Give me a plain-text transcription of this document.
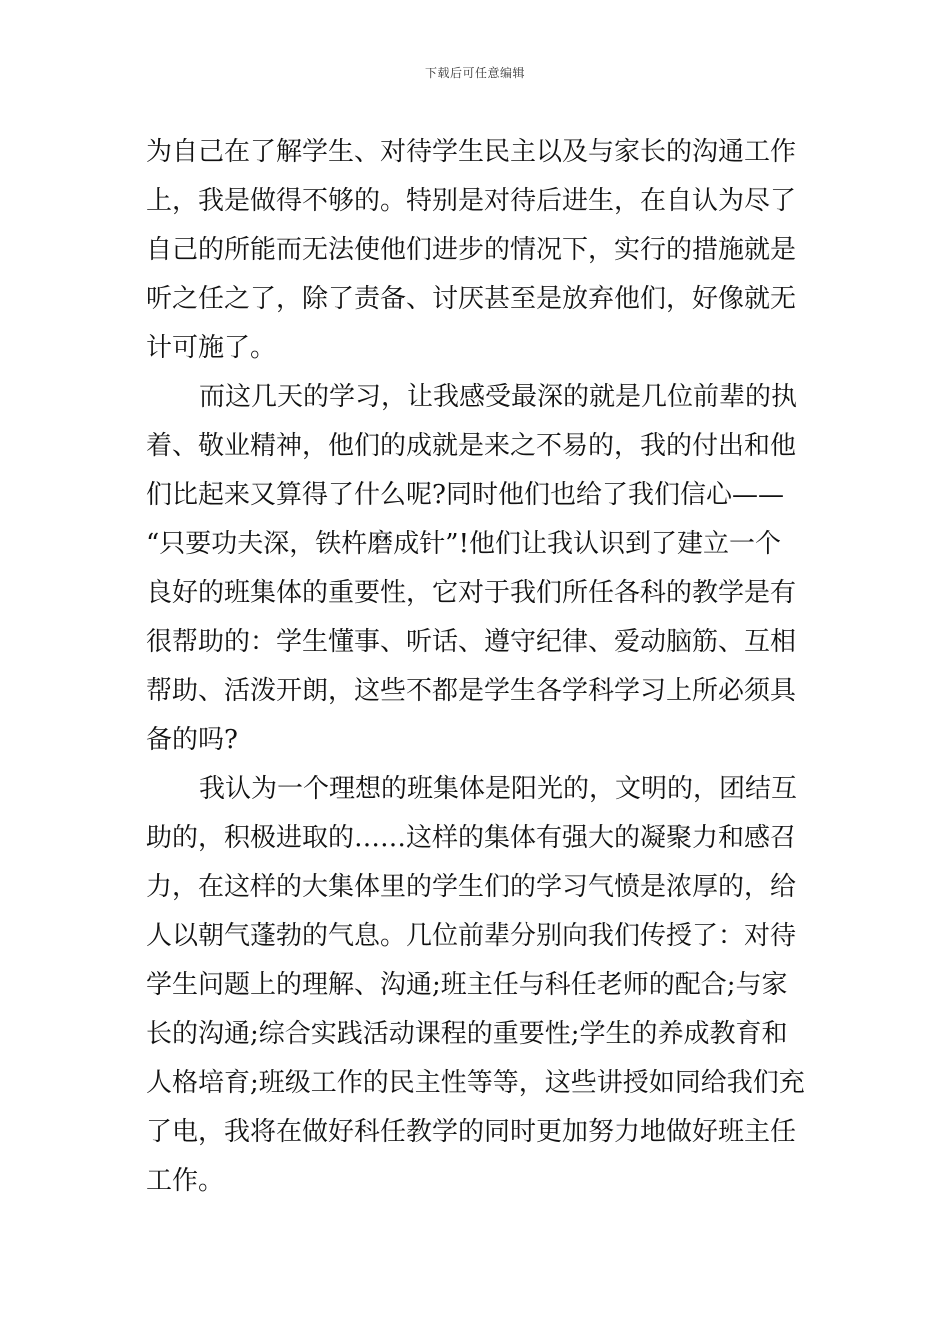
下载后可任意编辑
为自己在了解学生、对待学生民主以及与家长的沟通工作
上，我是做得不够的。特别是对待后进生，在自认为尽了
自己的所能而无法使他们进步的情况下，实行的措施就是
听之任之了，除了责备、讨厌甚至是放弃他们，好像就无
计可施了。
而这几天的学习，让我感受最深的就是几位前辈的执
着、敬业精神，他们的成就是来之不易的，我的付出和他
们比起来又算得了什么呢?同时他们也给了我们信心——
“只要功夫深，铁杵磨成针”!他们让我认识到了建立一个
良好的班集体的重要性，它对于我们所任各科的教学是有
很帮助的：学生懂事、听话、遵守纪律、爱动脑筋、互相
帮助、活泼开朗，这些不都是学生各学科学习上所必须具
备的吗?
我认为一个理想的班集体是阳光的，文明的，团结互
助的，积极进取的……这样的集体有强大的凝聚力和感召
力，在这样的大集体里的学生们的学习气愤是浓厚的，给
人以朝气蓬勃的气息。几位前辈分别向我们传授了：对待
学生问题上的理解、沟通;班主任与科任老师的配合;与家
长的沟通;综合实践活动课程的重要性;学生的养成教育和
人格培育;班级工作的民主性等等，这些讲授如同给我们充
了电，我将在做好科任教学的同时更加努力地做好班主任
工作。
